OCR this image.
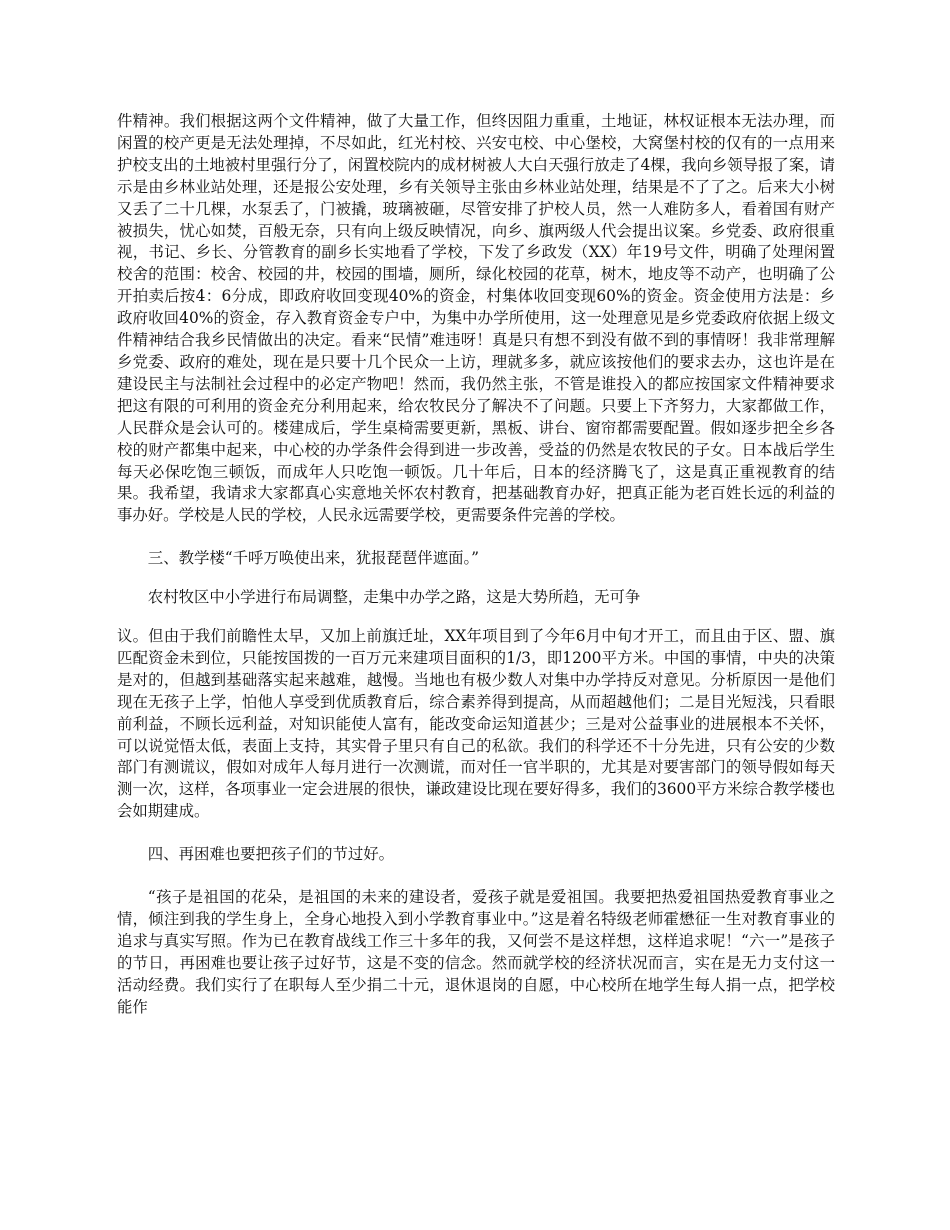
件精神。我们根据这两个文件精神，做了大量工作，但终因阻力重重，土地证，林权证根本无法办理，而闲置的校产更是无法处理掉，不尽如此，红光村校、兴安屯校、中心堡校，大窝堡村校的仅有的一点用来护校支出的土地被村里强行分了，闲置校院内的成材树被人大白天强行放走了4棵，我向乡领导报了案，请示是由乡林业站处理，还是报公安处理，乡有关领导主张由乡林业站处理，结果是不了了之。后来大小树又丢了二十几棵，水泵丢了，门被撬，玻璃被砸，尽管安排了护校人员，然一人难防多人，看着国有财产被损失，忧心如焚，百般无奈，只有向上级反映情况，向乡、旗两级人代会提出议案。乡党委、政府很重视，书记、乡长、分管教育的副乡长实地看了学校，下发了乡政发（XX）年19号文件，明确了处理闲置校舍的范围：校舍、校园的井，校园的围墙，厕所，绿化校园的花草，树木，地皮等不动产，也明确了公开拍卖后按4：6分成，即政府收回变现40%的资金，村集体收回变现60%的资金。资金使用方法是：乡政府收回40%的资金，存入教育资金专户中，为集中办学所使用，这一处理意见是乡党委政府依据上级文件精神结合我乡民情做出的决定。看来“民情”难违呀！真是只有想不到没有做不到的事情呀！我非常理解乡党委、政府的难处，现在是只要十几个民众一上访，理就多多，就应该按他们的要求去办，这也许是在建设民主与法制社会过程中的必定产物吧！然而，我仍然主张，不管是谁投入的都应按国家文件精神要求把这有限的可利用的资金充分利用起来，给农牧民分了解决不了问题。只要上下齐努力，大家都做工作，人民群众是会认可的。楼建成后，学生桌椅需要更新，黑板、讲台、窗帘都需要配置。假如逐步把全乡各校的财产都集中起来，中心校的办学条件会得到进一步改善，受益的仍然是农牧民的子女。日本战后学生每天必保吃饱三顿饭，而成年人只吃饱一顿饭。几十年后，日本的经济腾飞了，这是真正重视教育的结果。我希望，我请求大家都真心实意地关怀农村教育，把基础教育办好，把真正能为老百姓长远的利益的事办好。学校是人民的学校，人民永远需要学校，更需要条件完善的学校。

三、教学楼“千呼万唤使出来，犹报琵琶伴遮面。”

农村牧区中小学进行布局调整，走集中办学之路，这是大势所趋，无可争

议。但由于我们前瞻性太早，又加上前旗迁址，XX年项目到了今年6月中旬才开工，而且由于区、盟、旗匹配资金未到位，只能按国拨的一百万元来建项目面积的1/3，即1200平方米。中国的事情，中央的决策是对的，但越到基础落实起来越难，越慢。当地也有极少数人对集中办学持反对意见。分析原因一是他们现在无孩子上学，怕他人享受到优质教育后，综合素养得到提高，从而超越他们；二是目光短浅，只看眼前利益，不顾长远利益，对知识能使人富有，能改变命运知道甚少；三是对公益事业的进展根本不关怀，可以说觉悟太低，表面上支持，其实骨子里只有自己的私欲。我们的科学还不十分先进，只有公安的少数部门有测谎议，假如对成年人每月进行一次测谎，而对任一官半职的，尤其是对要害部门的领导假如每天测一次，这样，各项事业一定会进展的很快，谦政建设比现在要好得多，我们的3600平方米综合教学楼也会如期建成。

四、再困难也要把孩子们的节过好。

“孩子是祖国的花朵，是祖国的未来的建设者，爱孩子就是爱祖国。我要把热爱祖国热爱教育事业之情，倾注到我的学生身上，全身心地投入到小学教育事业中。”这是着名特级老师霍懋征一生对教育事业的追求与真实写照。作为已在教育战线工作三十多年的我，又何尝不是这样想，这样追求呢！“六一”是孩子的节日，再困难也要让孩子过好节，这是不变的信念。然而就学校的经济状况而言，实在是无力支付这一活动经费。我们实行了在职每人至少捐二十元，退休退岗的自愿，中心校所在地学生每人捐一点，把学校能作
